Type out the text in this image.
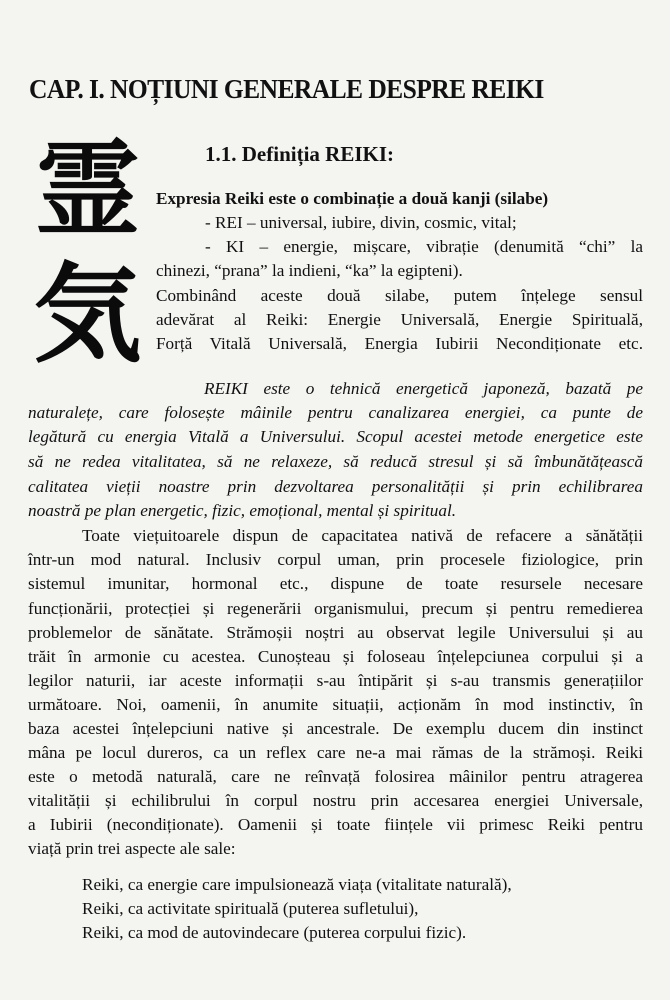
CAP. I. NOȚIUNI GENERALE DESPRE REIKI
霊
気
1.1. Definiția REIKI:
Expresia Reiki este o combinație a două kanji (silabe)
- REI – universal, iubire, divin, cosmic, vital;
- KI – energie, mișcare, vibrație (denumită “chi” la
chinezi, “prana” la indieni, “ka” la egipteni).
Combinând aceste două silabe, putem înțelege sensul
adevărat al Reiki: Energie Universală, Energie Spirituală,
Forță Vitală Universală, Energia Iubirii Necondiționate etc.
REIKI este o tehnică energetică japoneză, bazată pe
naturalețe, care folosește mâinile pentru canalizarea energiei, ca punte de
legătură cu energia Vitală a Universului. Scopul acestei metode energetice este
să ne redea vitalitatea, să ne relaxeze, să reducă stresul și să îmbunătățească
calitatea vieții noastre prin dezvoltarea personalității și prin echilibrarea
noastră pe plan energetic, fizic, emoțional, mental și spiritual.
Toate viețuitoarele dispun de capacitatea nativă de refacere a sănătății
într-un mod natural. Inclusiv corpul uman, prin procesele fiziologice, prin
sistemul imunitar, hormonal etc., dispune de toate resursele necesare
funcționării, protecției și regenerării organismului, precum și pentru remedierea
problemelor de sănătate. Strămoșii noștri au observat legile Universului și au
trăit în armonie cu acestea. Cunoșteau și foloseau înțelepciunea corpului și a
legilor naturii, iar aceste informații s-au întipărit și s-au transmis generațiilor
următoare. Noi, oamenii, în anumite situații, acționăm în mod instinctiv, în
baza acestei înțelepciuni native și ancestrale. De exemplu ducem din instinct
mâna pe locul dureros, ca un reflex care ne-a mai rămas de la strămoși. Reiki
este o metodă naturală, care ne reînvață folosirea mâinilor pentru atragerea
vitalității și echilibrului în corpul nostru prin accesarea energiei Universale,
a Iubirii (necondiționate). Oamenii și toate ființele vii primesc Reiki pentru
viață prin trei aspecte ale sale:
Reiki, ca energie care impulsionează viața (vitalitate naturală),
Reiki, ca activitate spirituală (puterea sufletului),
Reiki, ca mod de autovindecare (puterea corpului fizic).
